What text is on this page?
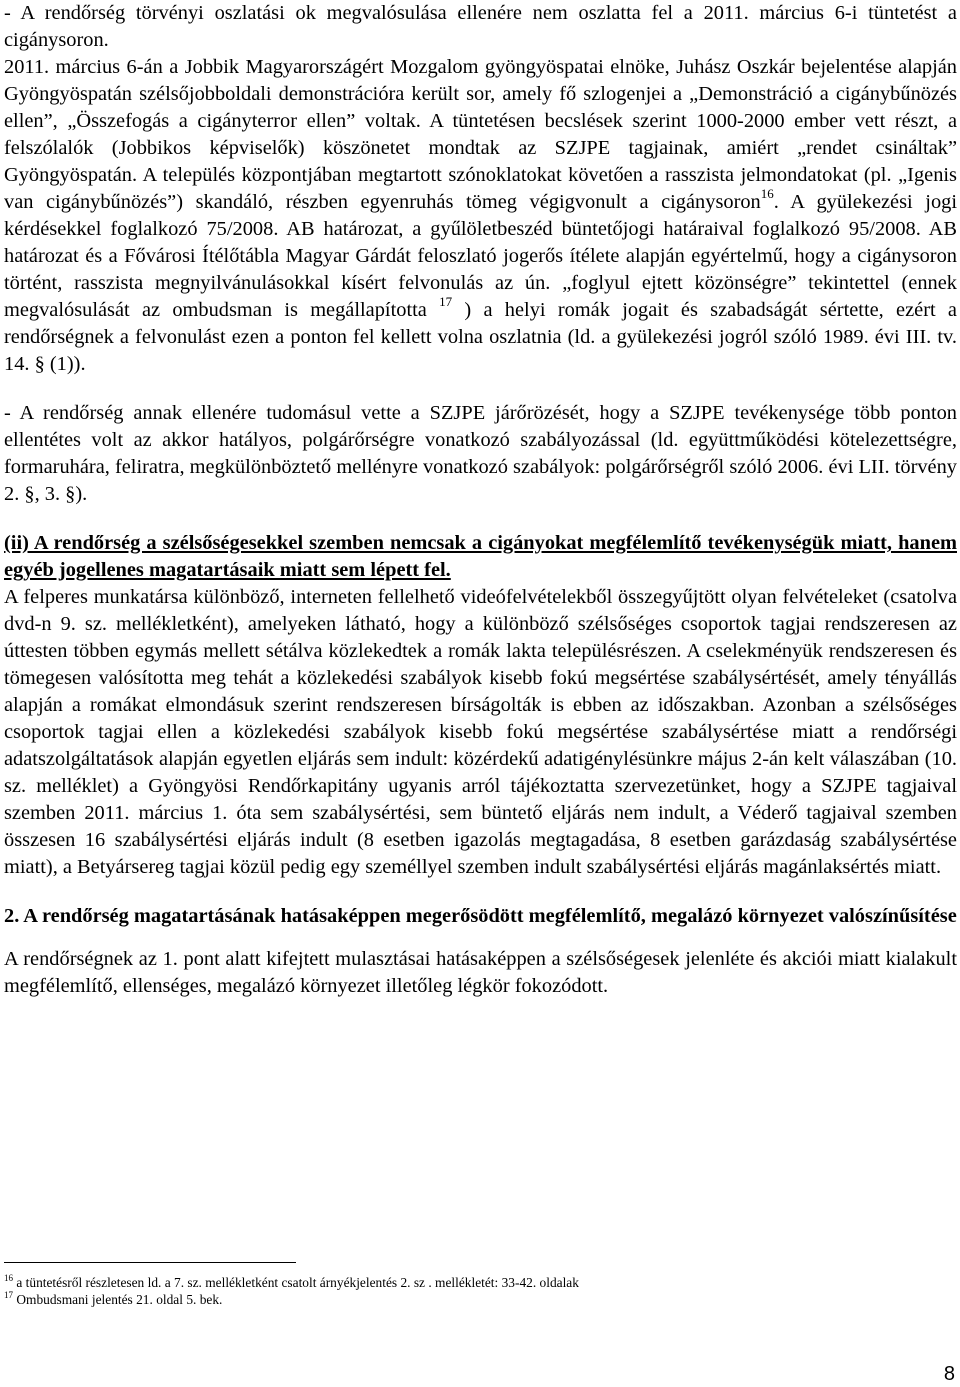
- A rendőrség törvényi oszlatási ok megvalósulása ellenére nem oszlatta fel a 2011. március 6-i tüntetést a cigánysoron.

2011. március 6-án a Jobbik Magyarországért Mozgalom gyöngyöspatai elnöke, Juhász Oszkár bejelentése alapján Gyöngyöspatán szélsőjobboldali demonstrációra került sor, amely fő szlogenjei a „Demonstráció a cigánybűnözés ellen”, „Összefogás a cigányterror ellen” voltak. A tüntetésen becslések szerint 1000-2000 ember vett részt, a felszólalók (Jobbikos képviselők) köszönetet mondtak az SZJPE tagjainak, amiért „rendet csináltak” Gyöngyöspatán. A település központjában megtartott szónoklatokat követően a rasszista jelmondatokat (pl. „Igenis van cigánybűnözés”) skandáló, részben egyenruhás tömeg végigvonult a cigánysoron$^{16}$. A gyülekezési jogi kérdésekkel foglalkozó 75/2008. AB határozat, a gyűlöletbeszéd büntetőjogi határaival foglalkozó 95/2008. AB határozat és a Fővárosi Ítélőtábla Magyar Gárdát feloszlató jogerős ítélete alapján egyértelmű, hogy a cigánysoron történt, rasszista megnyilvánulásokkal kísért felvonulás az ún. „foglyul ejtett közönségre” tekintettel (ennek megvalósulását az ombudsman is megállapította $^{17}$ ) a helyi romák jogait és szabadságát sértette, ezért a rendőrségnek a felvonulást ezen a ponton fel kellett volna oszlatnia (ld. a gyülekezési jogról szóló 1989. évi III. tv. 14. § (1)).

- A rendőrség annak ellenére tudomásul vette a SZJPE járőrözését, hogy a SZJPE tevékenysége több ponton ellentétes volt az akkor hatályos, polgárőrségre vonatkozó szabályozással (ld. együttműködési kötelezettségre, formaruhára, feliratra, megkülönböztető mellényre vonatkozó szabályok: polgárőrségről szóló 2006. évi LII. törvény 2. §, 3. §).

(ii) A rendőrség a szélsőségesekkel szemben nemcsak a cigányokat megfélemlítő tevékenységük miatt, hanem egyéb jogellenes magatartásaik miatt sem lépett fel.

A felperes munkatársa különböző, interneten fellelhető videófelvételekből összegyűjtött olyan felvételeket (csatolva dvd-n 9. sz. mellékletként), amelyeken látható, hogy a különböző szélsőséges csoportok tagjai rendszeresen az úttesten többen egymás mellett sétálva közlekedtek a romák lakta településrészen. A cselekményük rendszeresen és tömegesen valósította meg tehát a közlekedési szabályok kisebb fokú megsértése szabálysértését, amely tényállás alapján a romákat elmondásuk szerint rendszeresen bírságolták is ebben az időszakban. Azonban a szélsőséges csoportok tagjai ellen a közlekedési szabályok kisebb fokú megsértése szabálysértése miatt a rendőrségi adatszolgáltatások alapján egyetlen eljárás sem indult: közérdekű adatigénylésünkre május 2-án kelt válaszában (10. sz. melléklet) a Gyöngyösi Rendőrkapitány ugyanis arról tájékoztatta szervezetünket, hogy a SZJPE tagjaival szemben 2011. március 1. óta sem szabálysértési, sem büntető eljárás nem indult, a Véderő tagjaival szemben összesen 16 szabálysértési eljárás indult (8 esetben igazolás megtagadása, 8 esetben garázdaság szabálysértése miatt), a Betyársereg tagjai közül pedig egy személlyel szemben indult szabálysértési eljárás magánlaksértés miatt.

2. A rendőrség magatartásának hatásaképpen megerősödött megfélemlítő, megalázó környezet valószínűsítése

A rendőrségnek az 1. pont alatt kifejtett mulasztásai hatásaképpen a szélsőségesek jelenléte és akciói miatt kialakult megfélemlítő, ellenséges, megalázó környezet illetőleg légkör fokozódott.

$^{16}$ a tüntetésről részletesen ld. a 7. sz. mellékletként csatolt árnyékjelentés 2. sz . mellékletét: 33-42. oldalak

$^{17}$ Ombudsmani jelentés 21. oldal 5. bek.

8
